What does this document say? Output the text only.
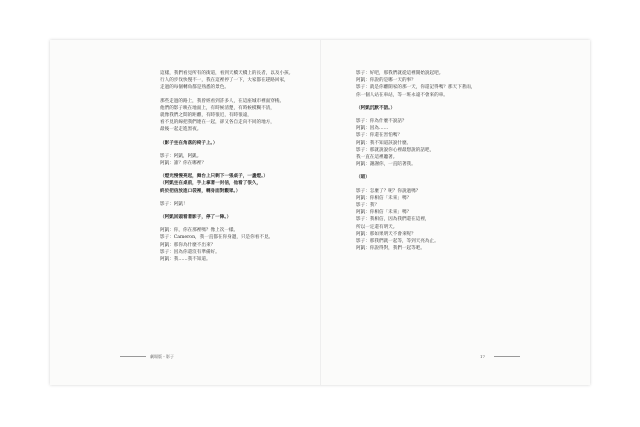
這樣，我們看見所有的街道，看到天橋天橋上的長者，以及小孩。
行人的步伐快慢不一，我在這裡停了一下，大家都在趕路回家，
走過的每個轉角都是熟悉的景色。
那些走過的路上，我曾經看到許多人，在這座城市裡面穿梭。
他們的影子映在地面上，有時候清楚，有時候模糊不清，
就像我們之間的距離，有時很近，有時很遠，
看不見的線把我們連在一起，卻又各自走向不同的地方，
最後一起走進黑夜。
（影子坐在角落的椅子上。）
影子：阿凱，阿凱。
阿凱：誰？你在哪裡？
（燈光慢慢亮起，舞台上只剩下一張桌子，一盞燈。）
（阿凱坐在桌前，手上拿著一封信，他看了很久，
終於把信放進口袋裡，轉身面對觀眾。）
影子：阿凱！
（阿凱回頭看著影子，停了一陣。）
阿凱：你，你在那裡嗎？像上次一樣。
影子：Cameron，我一直都在你身邊，只是你看不見。
阿凱：那你為什麼不出來？
影子：因為你還沒有準備好。
阿凱：我……我不知道。
影子：好吧，那我們就從這裡開始說起吧。
阿凱：你說的是哪一天的事？
影子：就是你離開家的那一天，你還記得嗎？那天下著雨，
你一個人站在車站，等一班永遠不會來的車。
（阿凱沉默不語。）
影子：你為什麼不說話？
阿凱：因為……
影子：你還在害怕嗎？
阿凱：我不知道該說什麼。
影子：那就說說你心裡最想說的話吧，
我一直在這裡聽著。
阿凱：謝謝你，一直陪著我。
（暗）
影子：怎麼了？呢？你說過嗎？
阿凱：你相信「未來」嗎？
影子：我？
阿凱：你相信「未來」嗎？
影子：我相信，因為我們還在這裡，
所以一定還有明天。
阿凱：那如果明天不會來呢？
影子：那我們就一起等，等到天亮為止。
阿凱：你說得對，我們一起等吧。
劇場版・影子	17
